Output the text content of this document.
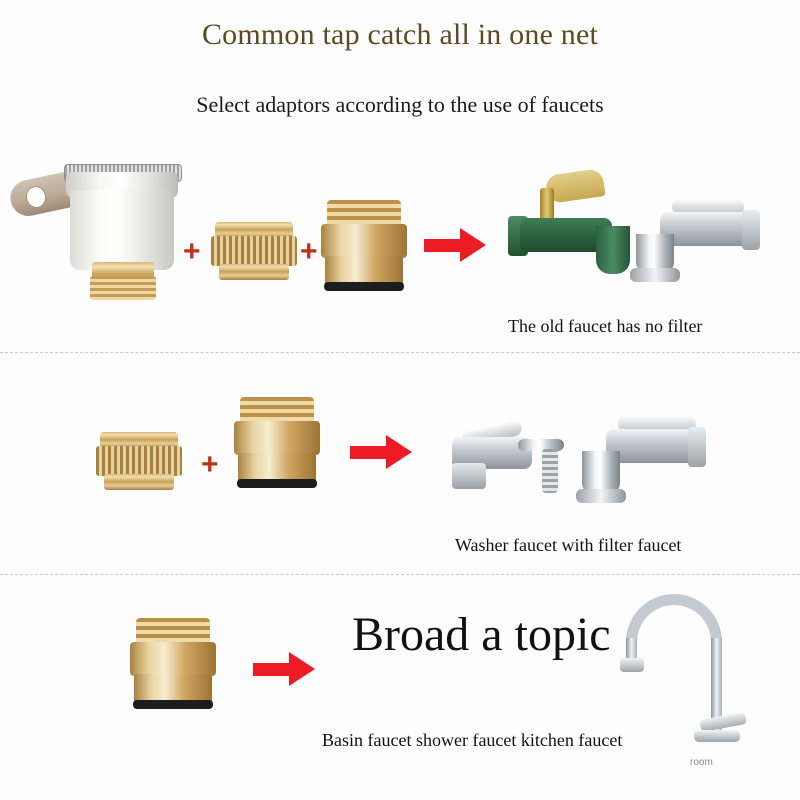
Common tap catch all in one net
Select adaptors according to the use of faucets
+	+
The old faucet has no filter
+
Washer faucet with filter faucet
Broad a topic
Basin faucet shower faucet kitchen faucet
room
